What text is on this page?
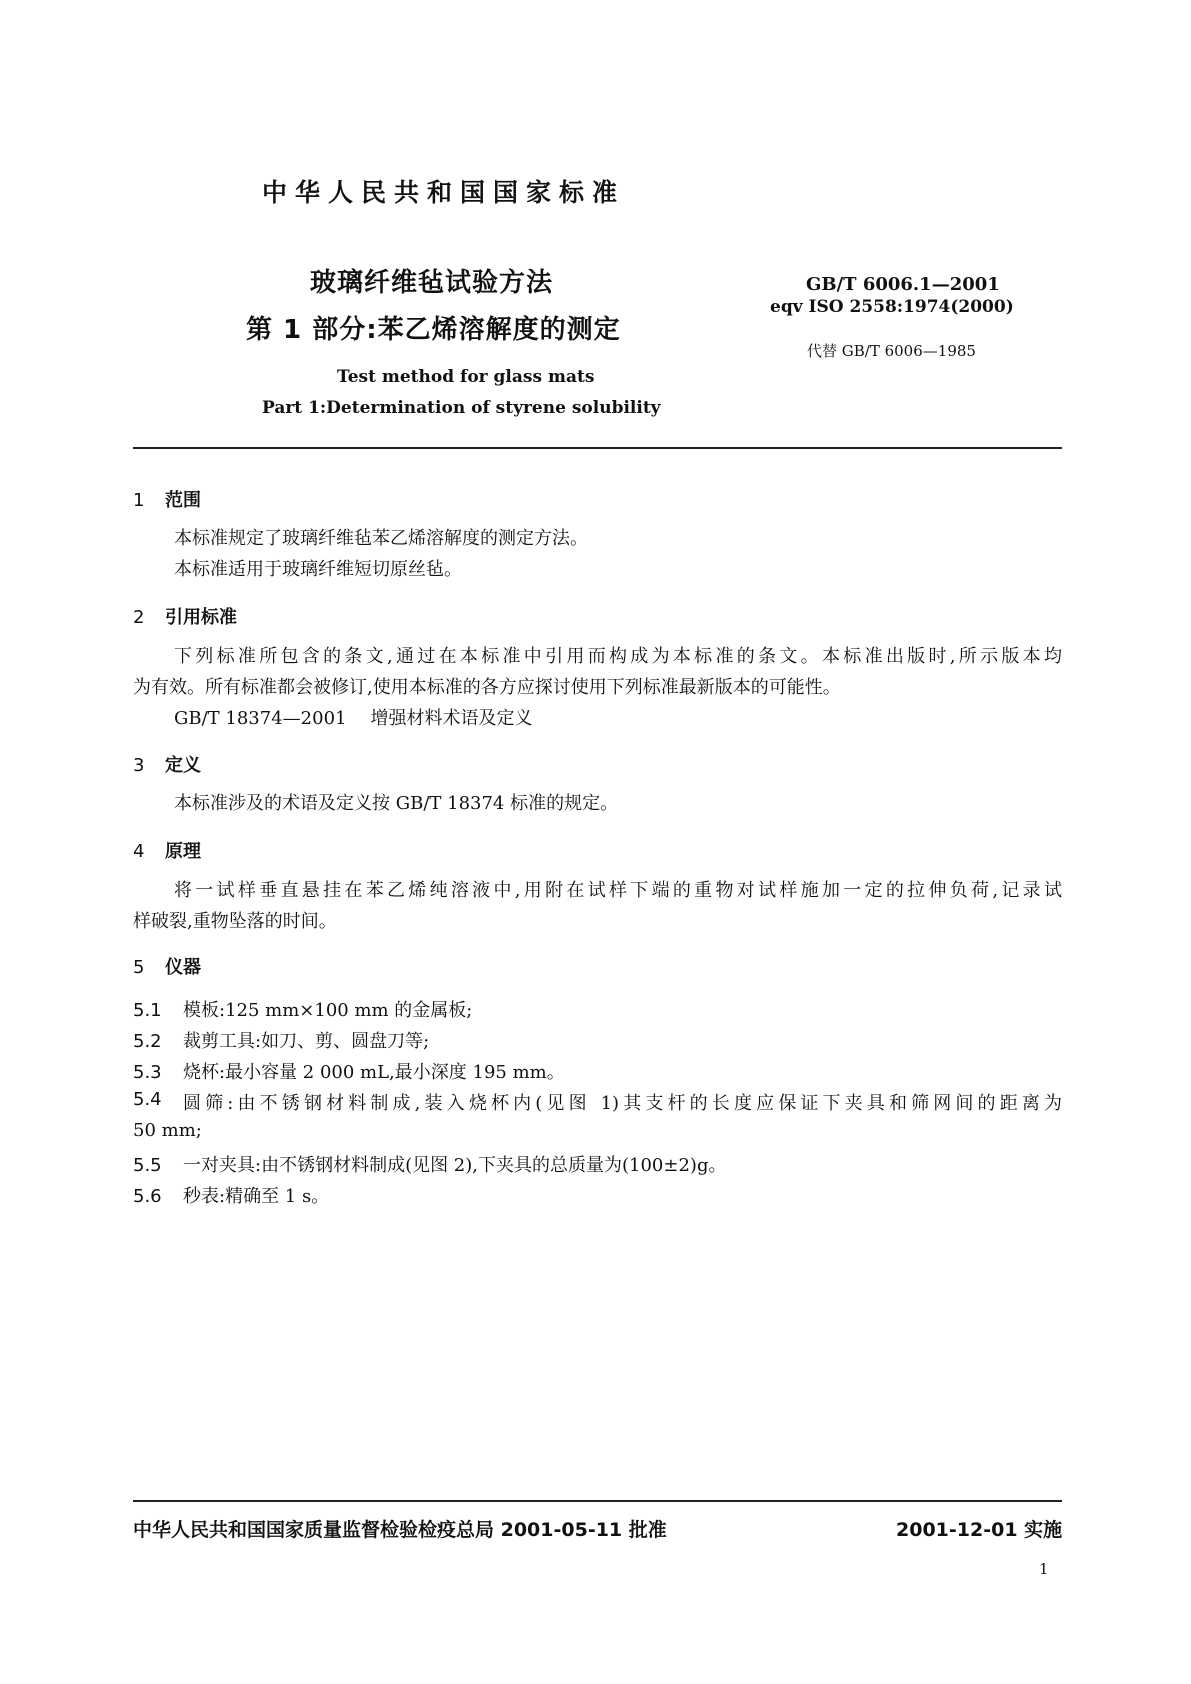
中华人民共和国国家标准
玻璃纤维毡试验方法
第 1 部分:苯乙烯溶解度的测定
Test method for glass mats
Part 1:Determination of styrene solubility
GB/T 6006.1—2001
eqv ISO 2558:1974(2000)
代替 GB/T 6006—1985
1 范围
本标准规定了玻璃纤维毡苯乙烯溶解度的测定方法。
本标准适用于玻璃纤维短切原丝毡。
2 引用标准
下列标准所包含的条文,通过在本标准中引用而构成为本标准的条文。本标准出版时,所示版本均
为有效。所有标准都会被修订,使用本标准的各方应探讨使用下列标准最新版本的可能性。
GB/T 18374—2001 增强材料术语及定义
3 定义
本标准涉及的术语及定义按 GB/T 18374 标准的规定。
4 原理
将一试样垂直悬挂在苯乙烯纯溶液中,用附在试样下端的重物对试样施加一定的拉伸负荷,记录试
样破裂,重物坠落的时间。
5 仪器
5.1 模板:125 mm×100 mm 的金属板;
5.2 裁剪工具:如刀、剪、圆盘刀等;
5.3 烧杯:最小容量 2 000 mL,最小深度 195 mm。
5.4	圆筛:由不锈钢材料制成,装入烧杯内(见图 1)其支杆的长度应保证下夹具和筛网间的距离为
50 mm;
5.5 一对夹具:由不锈钢材料制成(见图 2),下夹具的总质量为(100±2)g。
5.6 秒表:精确至 1 s。
中华人民共和国国家质量监督检验检疫总局 2001-05-11 批准	2001-12-01 实施
1
